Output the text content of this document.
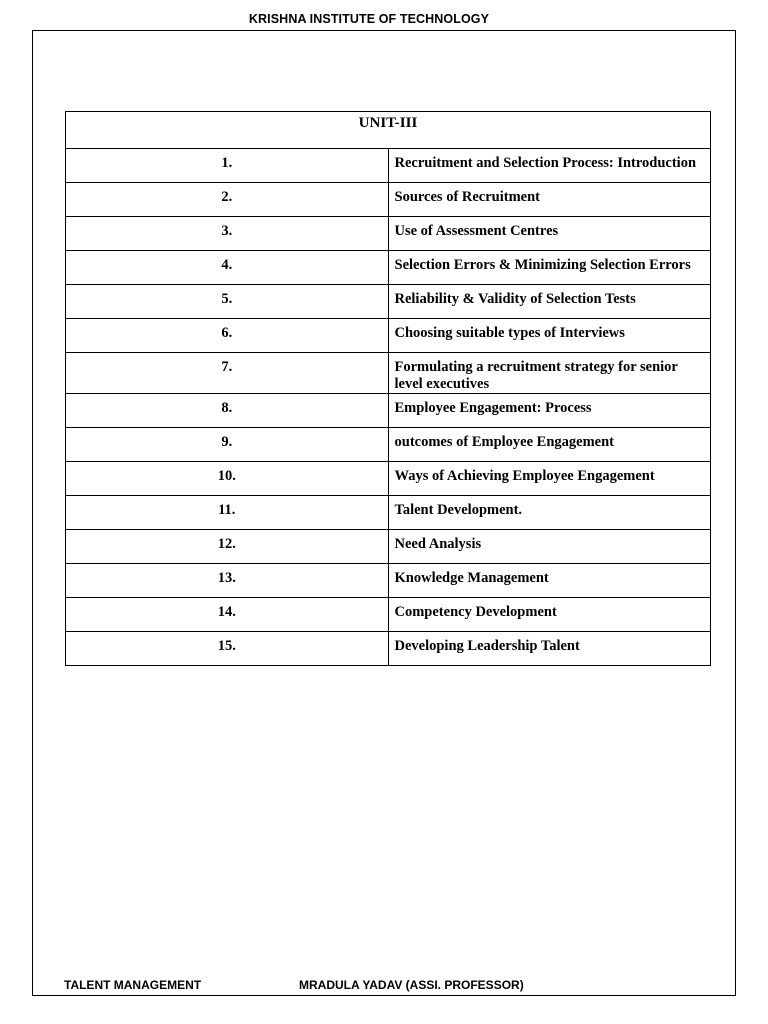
KRISHNA INSTITUTE OF TECHNOLOGY
UNIT-III	
1.	Recruitment and Selection Process: Introduction
2.	Sources of Recruitment
3.	Use of Assessment Centres
4.	Selection Errors & Minimizing Selection Errors
5.	Reliability & Validity of Selection Tests
6.	Choosing suitable types of Interviews
7.	Formulating a recruitment strategy for senior level executives
8.	Employee Engagement: Process
9.	outcomes of Employee Engagement
10.	Ways of Achieving Employee Engagement
11.	Talent Development.
12.	Need Analysis
13.	Knowledge Management
14.	Competency Development
15.	Developing Leadership Talent
TALENT MANAGEMENT	MRADULA YADAV (ASSI. PROFESSOR)
